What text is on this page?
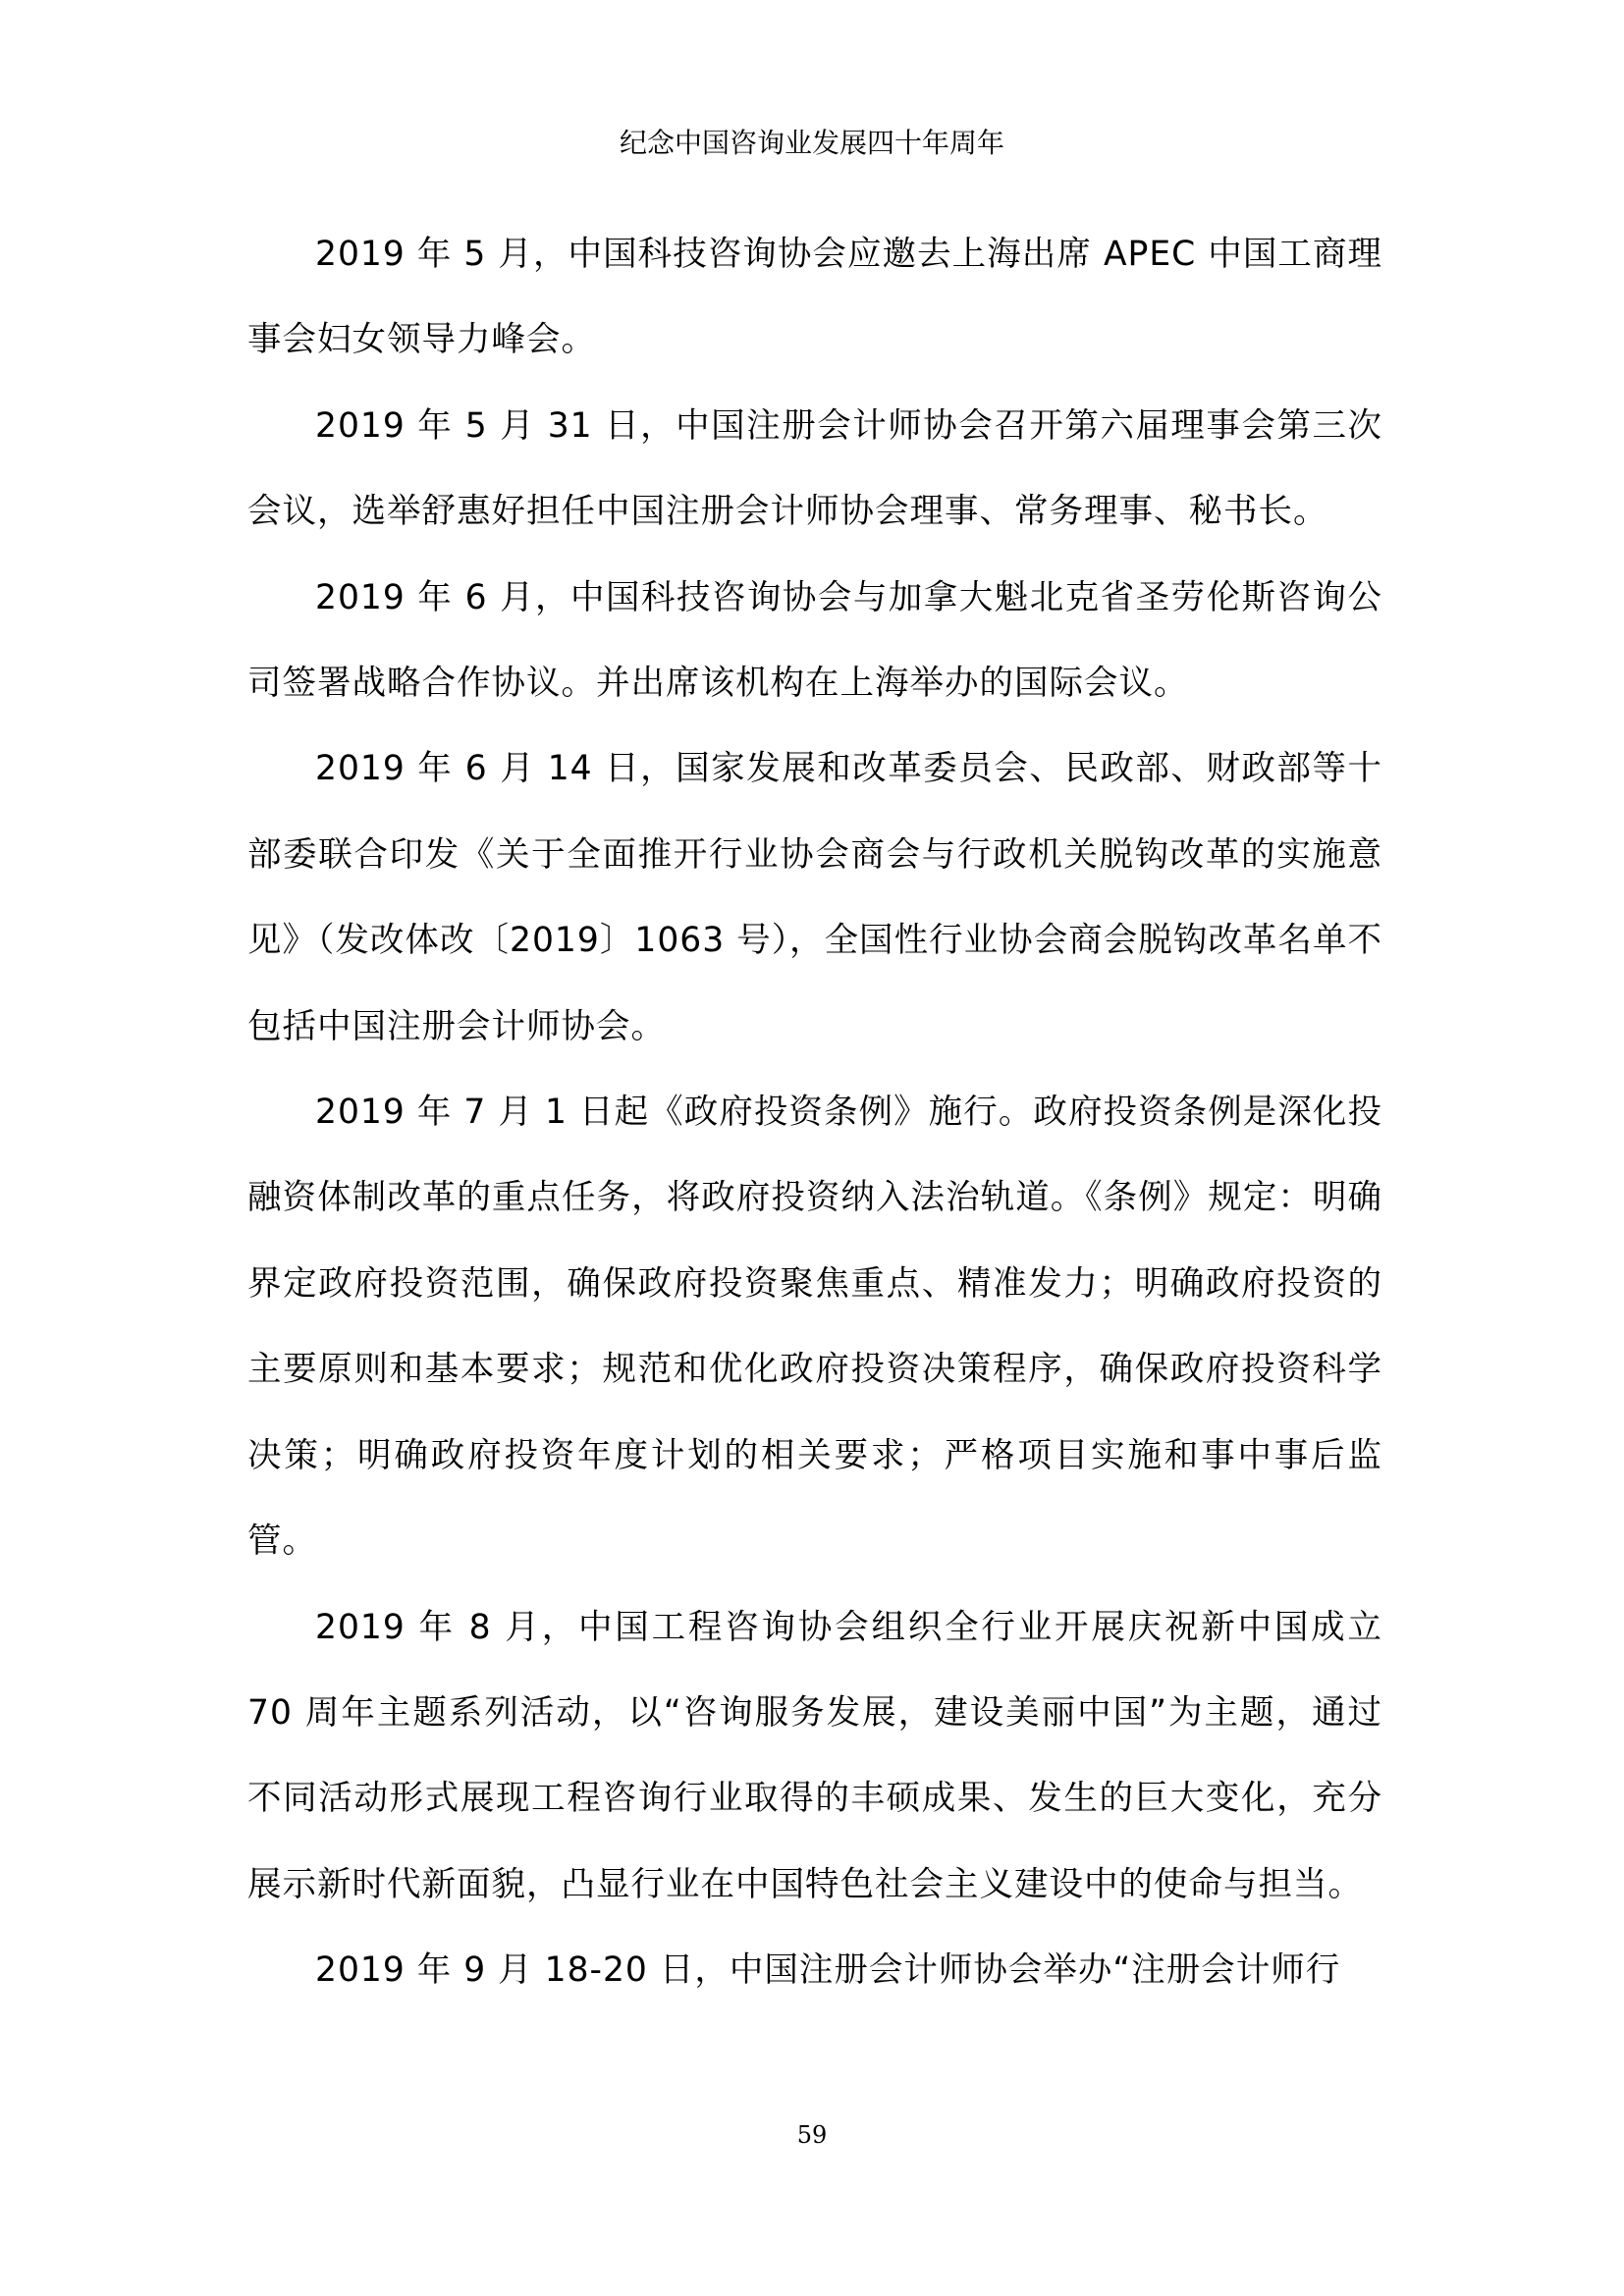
纪念中国咨询业发展四十年周年

2019 年 5 月，中国科技咨询协会应邀去上海出席 APEC 中国工商理事会妇女领导力峰会。

2019 年 5 月 31 日，中国注册会计师协会召开第六届理事会第三次会议，选举舒惠好担任中国注册会计师协会理事、常务理事、秘书长。

2019 年 6 月，中国科技咨询协会与加拿大魁北克省圣劳伦斯咨询公司签署战略合作协议。并出席该机构在上海举办的国际会议。

2019 年 6 月 14 日，国家发展和改革委员会、民政部、财政部等十部委联合印发《关于全面推开行业协会商会与行政机关脱钩改革的实施意见》（发改体改〔2019〕1063 号），全国性行业协会商会脱钩改革名单不包括中国注册会计师协会。

2019 年 7 月 1 日起《政府投资条例》施行。政府投资条例是深化投融资体制改革的重点任务，将政府投资纳入法治轨道。《条例》规定：明确界定政府投资范围，确保政府投资聚焦重点、精准发力；明确政府投资的主要原则和基本要求；规范和优化政府投资决策程序，确保政府投资科学决策；明确政府投资年度计划的相关要求；严格项目实施和事中事后监管。

2019 年 8 月，中国工程咨询协会组织全行业开展庆祝新中国成立 70 周年主题系列活动，以“咨询服务发展，建设美丽中国”为主题，通过不同活动形式展现工程咨询行业取得的丰硕成果、发生的巨大变化，充分展示新时代新面貌，凸显行业在中国特色社会主义建设中的使命与担当。

2019 年 9 月 18-20 日，中国注册会计师协会举办“注册会计师行

59
